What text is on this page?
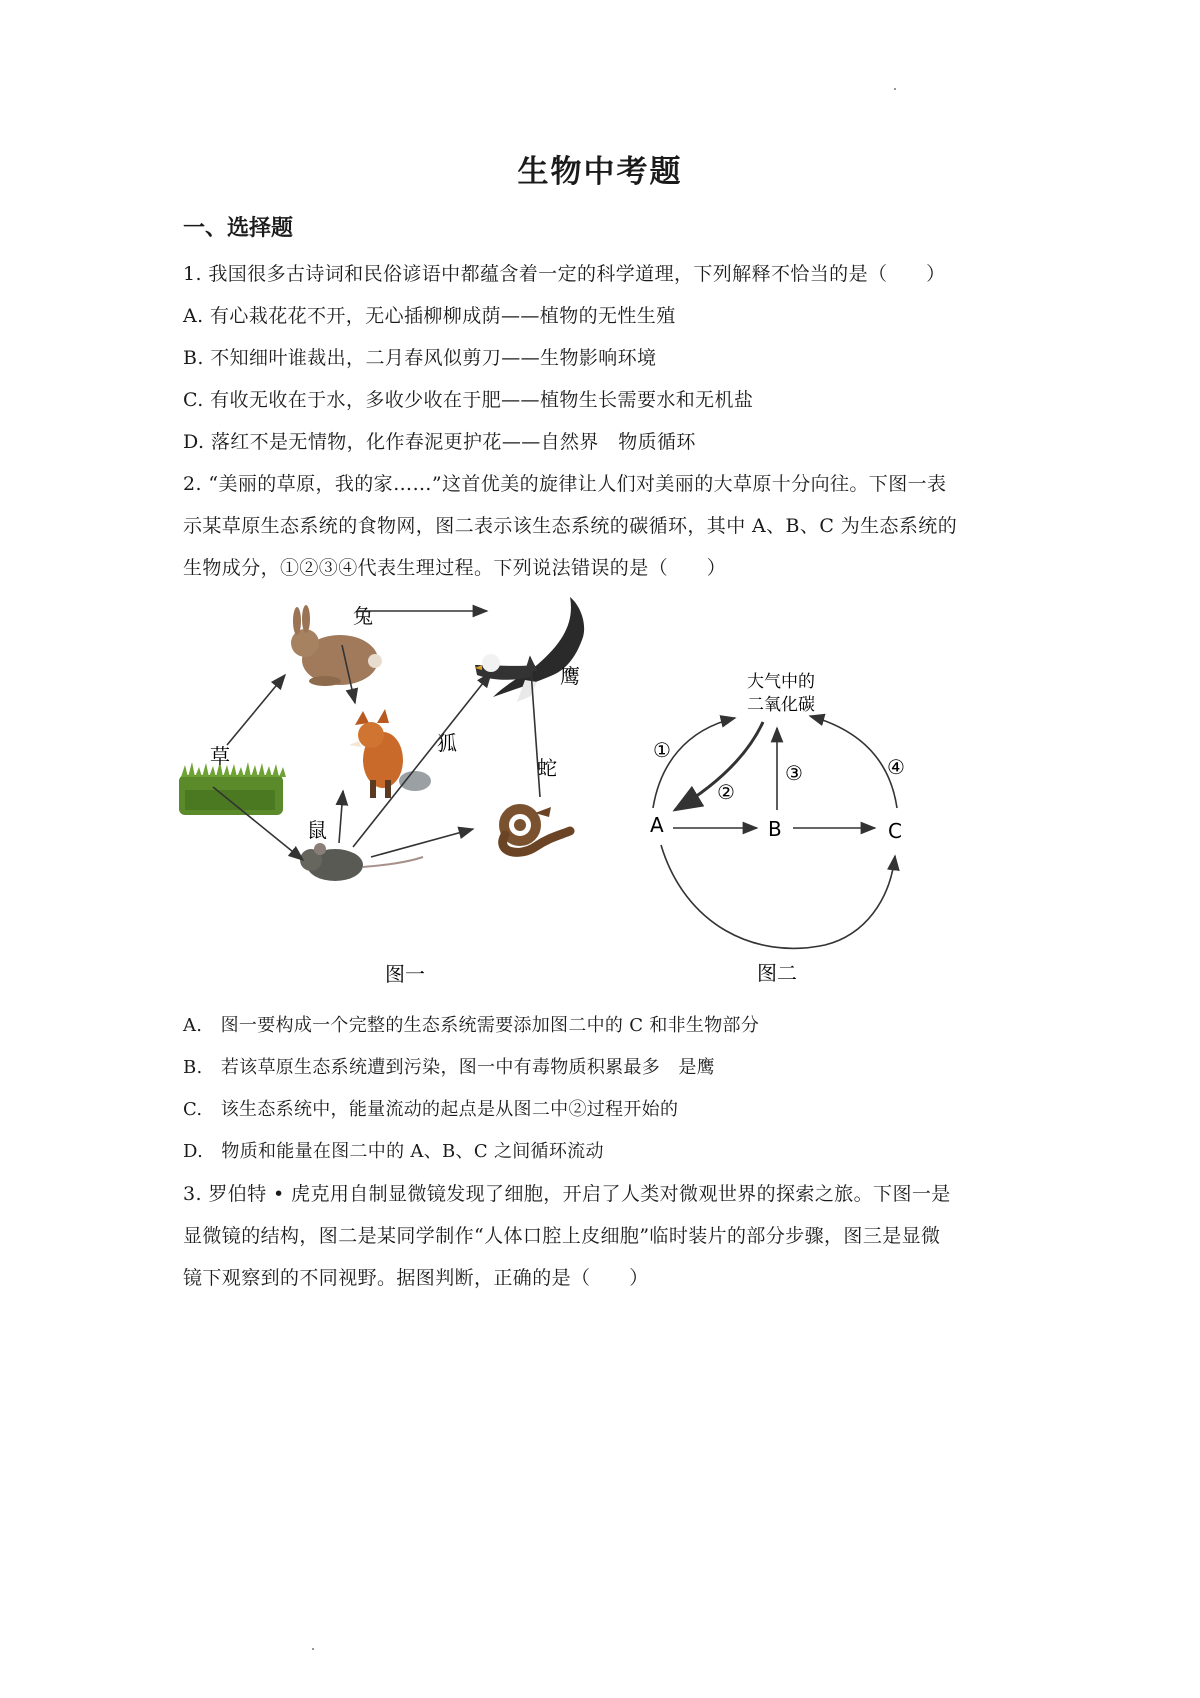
生物中考题
一、选择题
1. 我国很多古诗词和民俗谚语中都蕴含着一定的科学道理，下列解释不恰当的是（　　）
A. 有心栽花花不开，无心插柳柳成荫——植物的无性生殖
B. 不知细叶谁裁出，二月春风似剪刀——生物影响环境
C. 有收无收在于水，多收少收在于肥——植物生长需要水和无机盐
D. 落红不是无情物，化作春泥更护花——自然界　物质循环
2. “美丽的草原，我的家……”这首优美的旋律让人们对美丽的大草原十分向往。下图一表
示某草原生态系统的食物网，图二表示该生态系统的碳循环，其中 A、B、C 为生态系统的
生物成分，①②③④代表生理过程。下列说法错误的是（　　）
草
兔
鹰
狐
蛇
鼠
图一
大气中的
二氧化碳
A	B	C
①
②
③	④
图二
A.　图一要构成一个完整的生态系统需要添加图二中的 C 和非生物部分
B.　若该草原生态系统遭到污染，图一中有毒物质积累最多　是鹰
C.　该生态系统中，能量流动的起点是从图二中②过程开始的
D.　物质和能量在图二中的 A、B、C 之间循环流动
3. 罗伯特 • 虎克用自制显微镜发现了细胞，开启了人类对微观世界的探索之旅。下图一是
显微镜的结构，图二是某同学制作“人体口腔上皮细胞”临时装片的部分步骤，图三是显微
镜下观察到的不同视野。据图判断，正确的是（　　）
